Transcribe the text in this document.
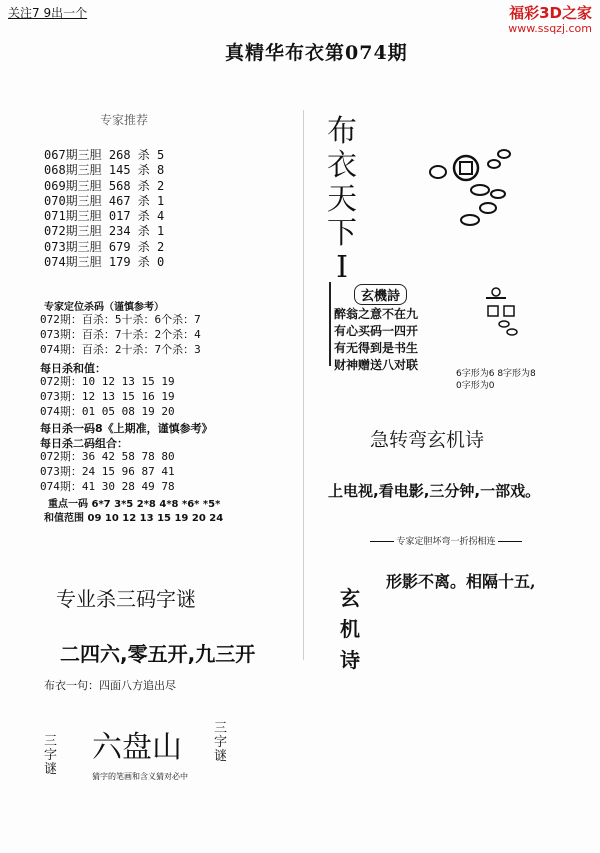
关注7 9出一个	福彩3D之家
www.ssqzj.com
真精华布衣第074期
专家推荐
067期三胆 268 杀 5
068期三胆 145 杀 8
069期三胆 568 杀 2
070期三胆 467 杀 1
071期三胆 017 杀 4
072期三胆 234 杀 1
073期三胆 679 杀 2
074期三胆 179 杀 0
专家定位杀码（谨慎参考）
072期：百杀：5十杀：6个杀：7
073期：百杀：7十杀：2个杀：4
074期：百杀：2十杀：7个杀：3
每日杀和值：
072期：10 12 13 15 19
073期：12 13 15 16 19
074期：01 05 08 19 20
每日杀一码8《上期准，谨慎参考》
每日杀二码组合：
072期：36 42 58 78 80
073期：24 15 96 87 41
074期：41 30 28 49 78
重点一码 6*7 3*5 2*8 4*8 *6* *5*
和值范围 09 10 12 13 15 19 20 24
专业杀三码字谜
二四六,零五开,九三开
布衣一句：四面八方追出尽
三字谜
六盘山
猜字的笔画和含义猜对必中
三字谜
布衣天下I
玄機詩
醉翁之意不在九
有心买码一四开
有无得到是书生
财神赠送八对联
6字形为6 8字形为8
0字形为0
急转弯玄机诗
上电视,看电影,三分钟,一部戏。
专家定胆坏弯一折拐相连
玄机诗
形影不离。相隔十五,
